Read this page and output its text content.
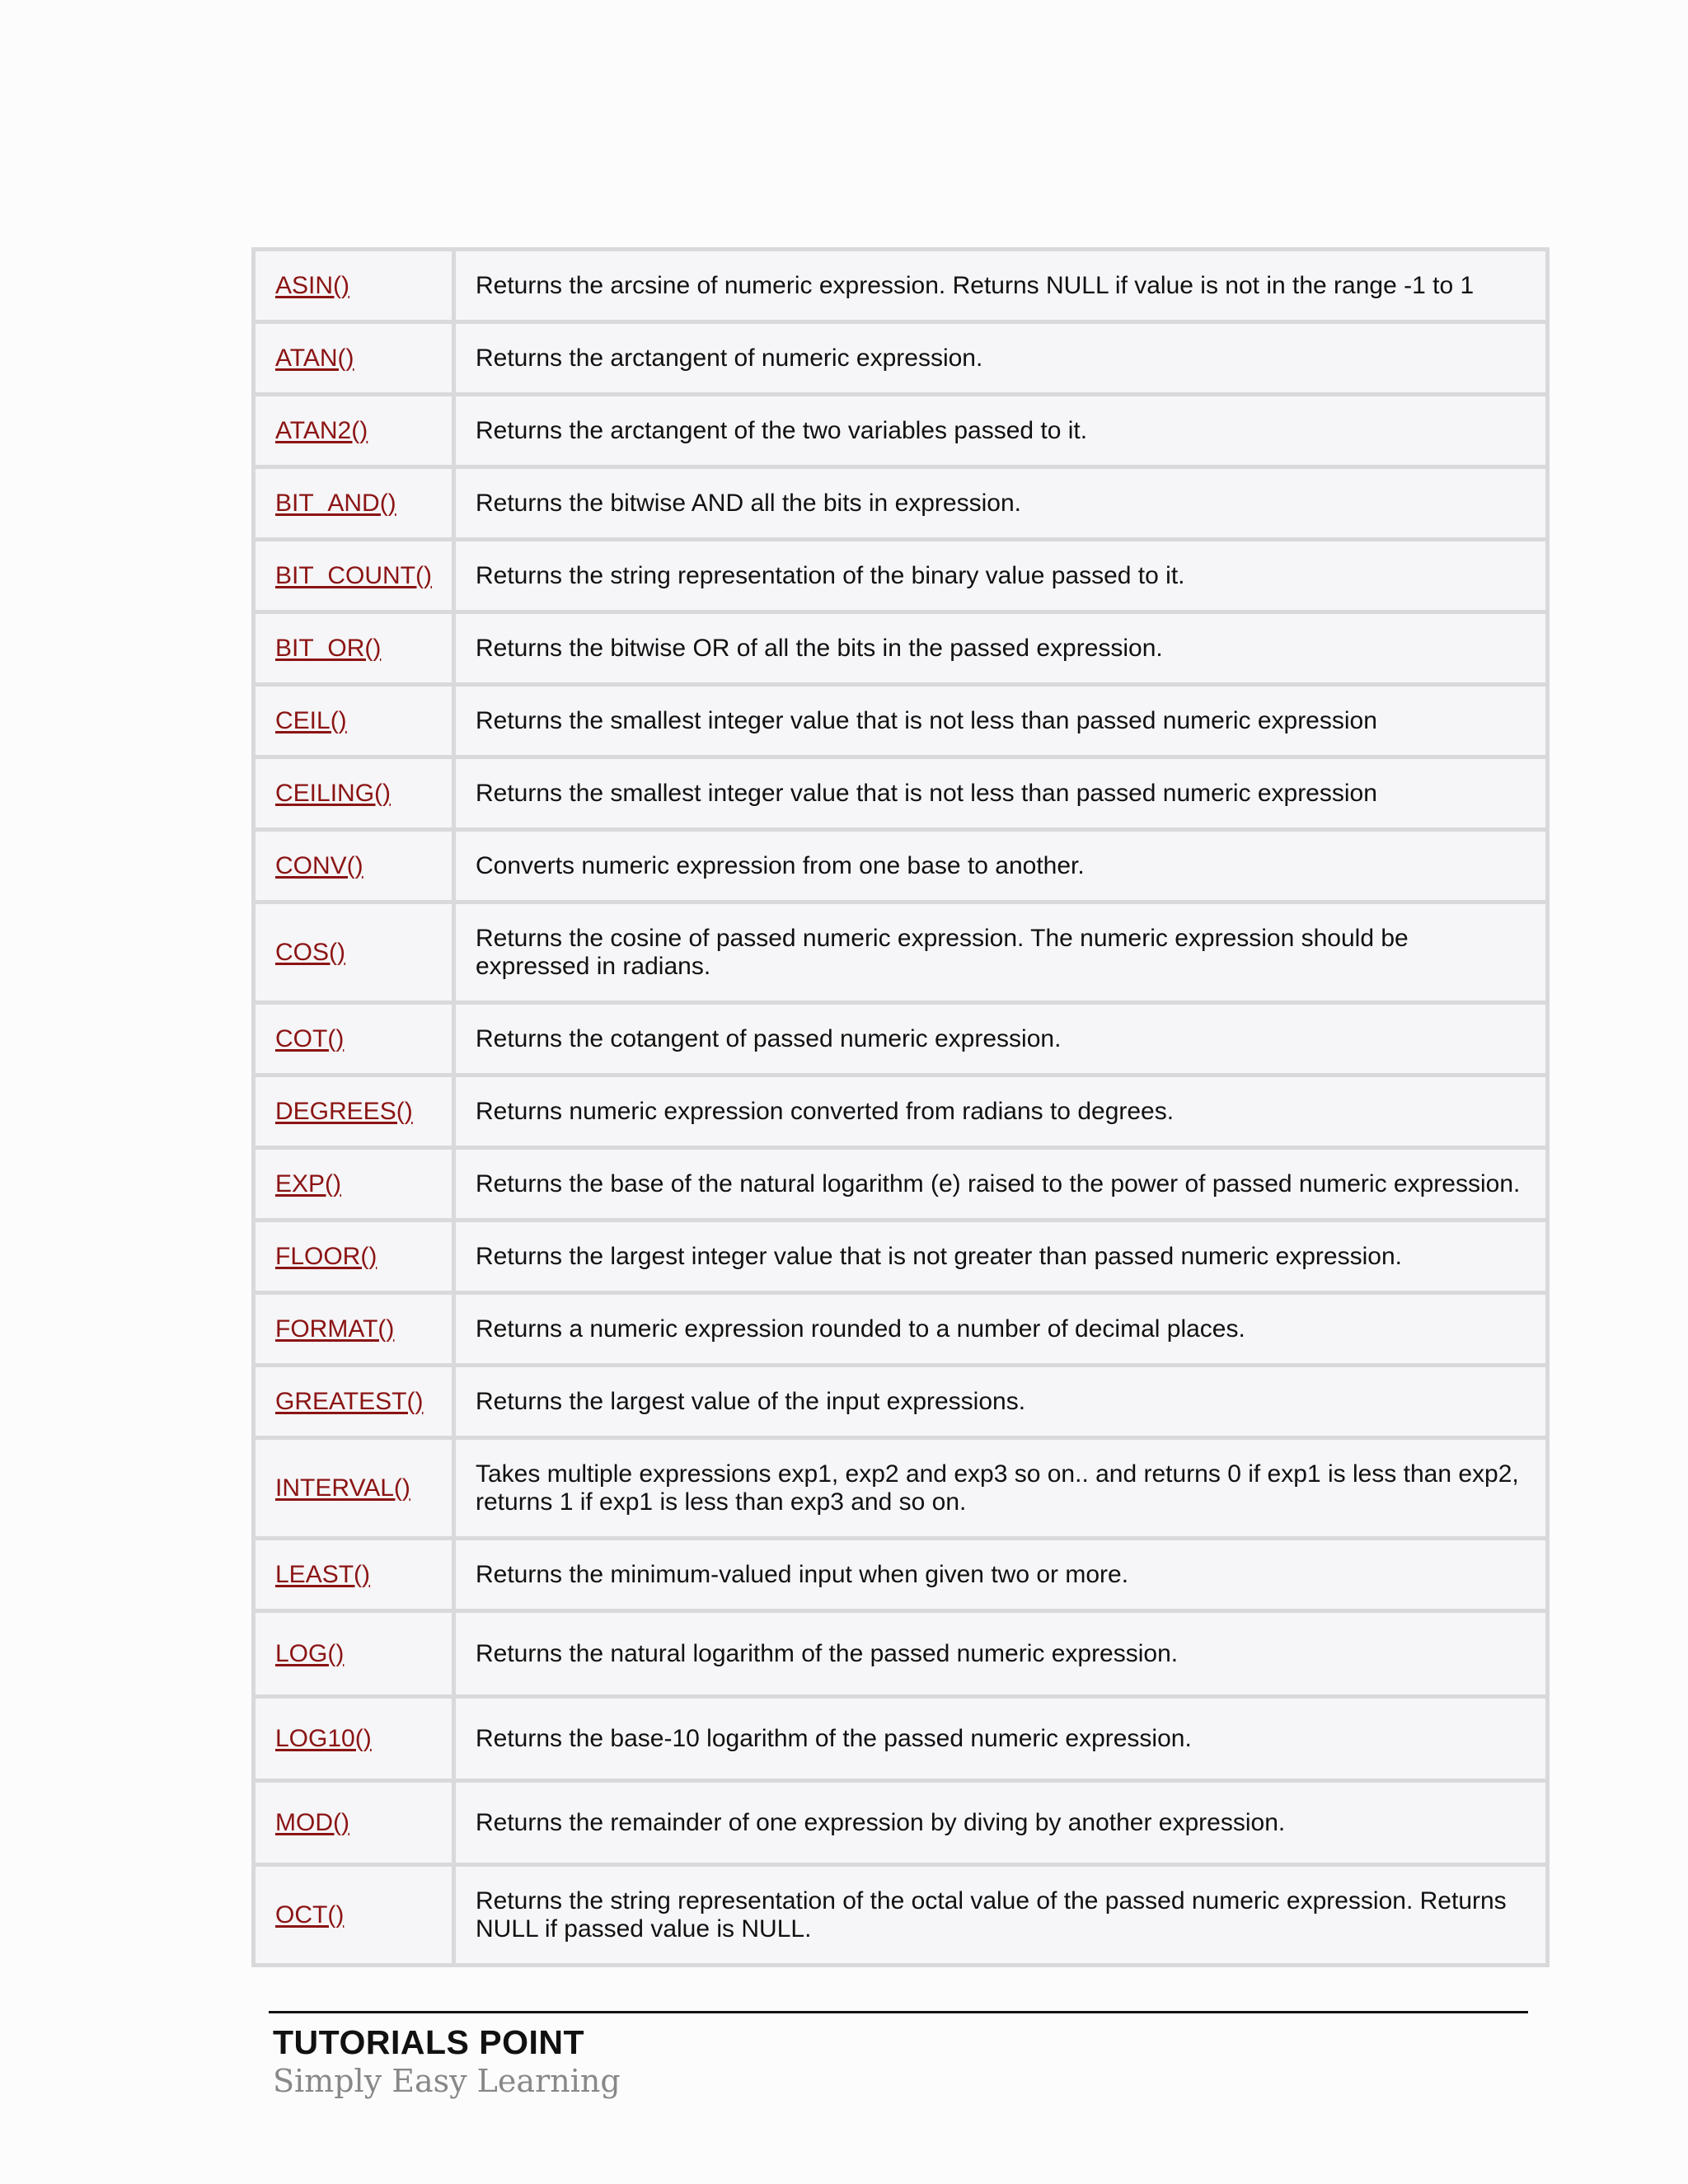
ASIN()	Returns the arcsine of numeric expression. Returns NULL if value is not in the range -1 to 1
ATAN()	Returns the arctangent of numeric expression.
ATAN2()	Returns the arctangent of the two variables passed to it.
BIT_AND()	Returns the bitwise AND all the bits in expression.
BIT_COUNT()	Returns the string representation of the binary value passed to it.
BIT_OR()	Returns the bitwise OR of all the bits in the passed expression.
CEIL()	Returns the smallest integer value that is not less than passed numeric expression
CEILING()	Returns the smallest integer value that is not less than passed numeric expression
CONV()	Converts numeric expression from one base to another.
COS()	Returns the cosine of passed numeric expression. The numeric expression should be expressed in radians.
COT()	Returns the cotangent of passed numeric expression.
DEGREES()	Returns numeric expression converted from radians to degrees.
EXP()	Returns the base of the natural logarithm (e) raised to the power of passed numeric expression.
FLOOR()	Returns the largest integer value that is not greater than passed numeric expression.
FORMAT()	Returns a numeric expression rounded to a number of decimal places.
GREATEST()	Returns the largest value of the input expressions.
INTERVAL()	Takes multiple expressions exp1, exp2 and exp3 so on.. and returns 0 if exp1 is less than exp2, returns 1 if exp1 is less than exp3 and so on.
LEAST()	Returns the minimum-valued input when given two or more.
LOG()	Returns the natural logarithm of the passed numeric expression.
LOG10()	Returns the base-10 logarithm of the passed numeric expression.
MOD()	Returns the remainder of one expression by diving by another expression.
OCT()	Returns the string representation of the octal value of the passed numeric expression. Returns NULL if passed value is NULL.
TUTORIALS POINT
Simply Easy Learning
